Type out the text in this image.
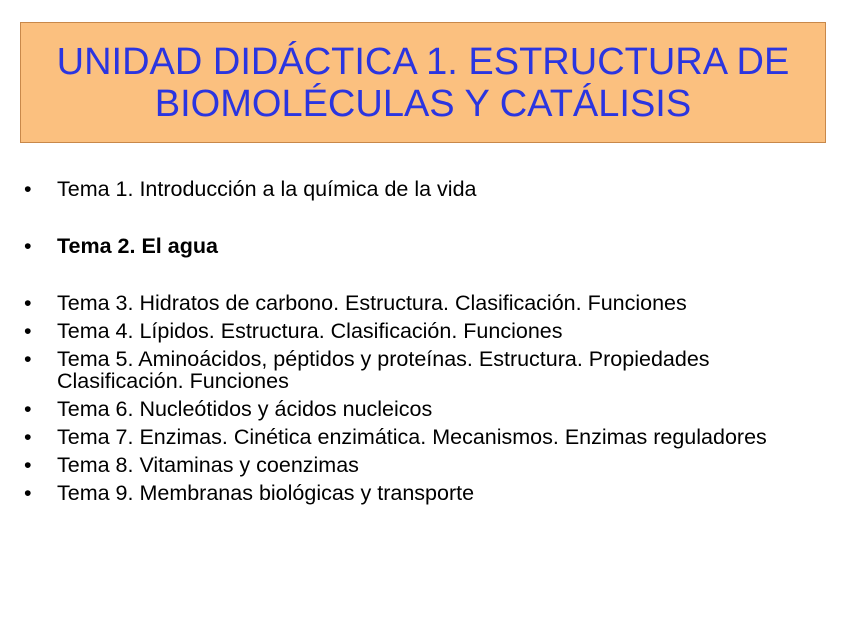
UNIDAD DIDÁCTICA 1. ESTRUCTURA DE BIOMOLÉCULAS Y CATÁLISIS
•	Tema 1. Introducción a la química de la vida
•	Tema 2. El agua
•	Tema 3. Hidratos de carbono. Estructura. Clasificación. Funciones
•	Tema 4. Lípidos. Estructura. Clasificación. Funciones
•	Tema 5. Aminoácidos, péptidos y proteínas. Estructura. Propiedades Clasificación. Funciones
•	Tema 6. Nucleótidos y ácidos nucleicos
•	Tema 7. Enzimas. Cinética enzimática. Mecanismos. Enzimas reguladores
•	Tema 8. Vitaminas y coenzimas
•	Tema 9. Membranas biológicas y transporte
